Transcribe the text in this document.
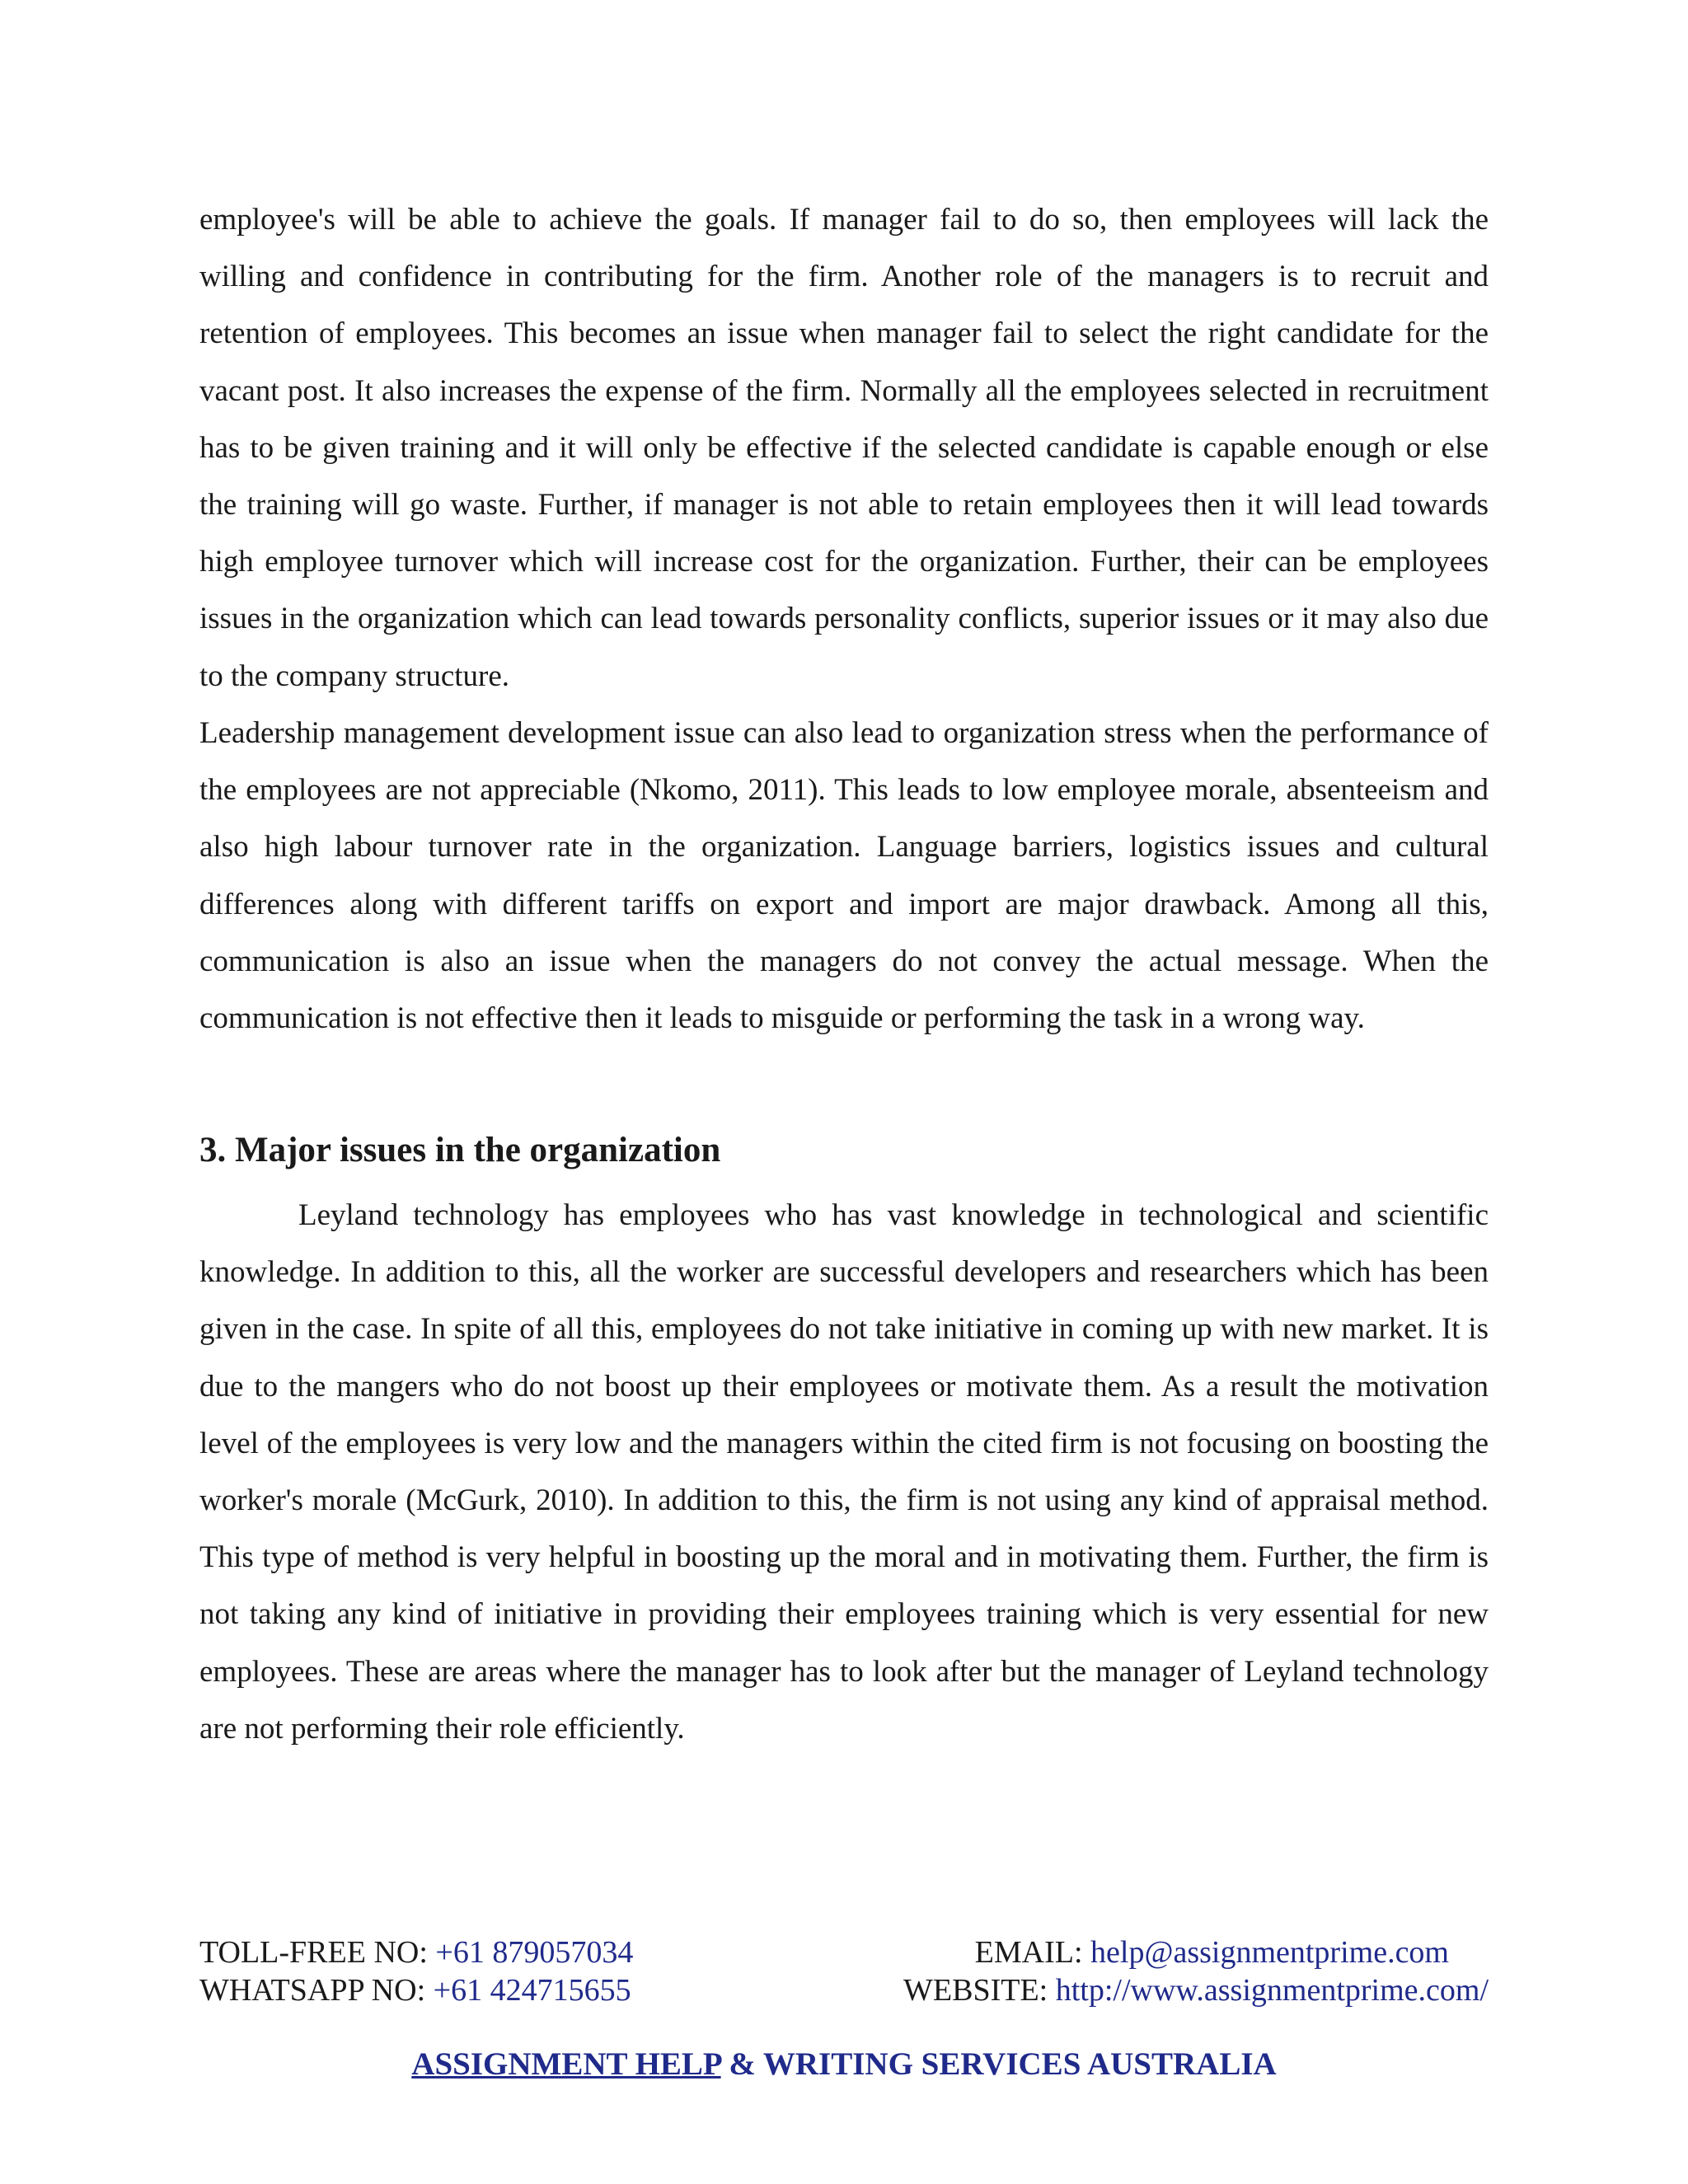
employee's will be able to achieve the goals. If manager fail to do so, then employees will lack the willing and confidence in contributing for the firm. Another role of the managers is to recruit and retention of employees. This becomes an issue when manager fail to select the right candidate for the vacant post. It also increases the expense of the firm. Normally all the employees selected in recruitment has to be given training and it will only be effective if the selected candidate is capable enough or else the training will go waste. Further, if manager is not able to retain employees then it will lead towards high employee turnover which will increase cost for the organization. Further, their can be employees issues in the organization which can lead towards personality conflicts, superior issues or it may also due to the company structure.

Leadership management development issue can also lead to organization stress when the performance of the employees are not appreciable (Nkomo, 2011). This leads to low employee morale, absenteeism and also high labour turnover rate in the organization. Language barriers, logistics issues and cultural differences along with different tariffs on export and import are major drawback. Among all this, communication is also an issue when the managers do not convey the actual message. When the communication is not effective then it leads to misguide or performing the task in a wrong way.

3. Major issues in the organization

Leyland technology has employees who has vast knowledge in technological and scientific knowledge. In addition to this, all the worker are successful developers and researchers which has been given in the case. In spite of all this, employees do not take initiative in coming up with new market. It is due to the mangers who do not boost up their employees or motivate them. As a result the motivation level of the employees is very low and the managers within the cited firm is not focusing on boosting the worker's morale (McGurk, 2010). In addition to this, the firm is not using any kind of appraisal method. This type of method is very helpful in boosting up the moral and in motivating them. Further, the firm is not taking any kind of initiative in providing their employees training which is very essential for new employees. These are areas where the manager has to look after but the manager of Leyland technology are not performing their role efficiently.

TOLL-FREE NO: +61 879057034	EMAIL: help@assignmentprime.com
WHATSAPP NO: +61 424715655	WEBSITE: http://www.assignmentprime.com/
ASSIGNMENT HELP & WRITING SERVICES AUSTRALIA
